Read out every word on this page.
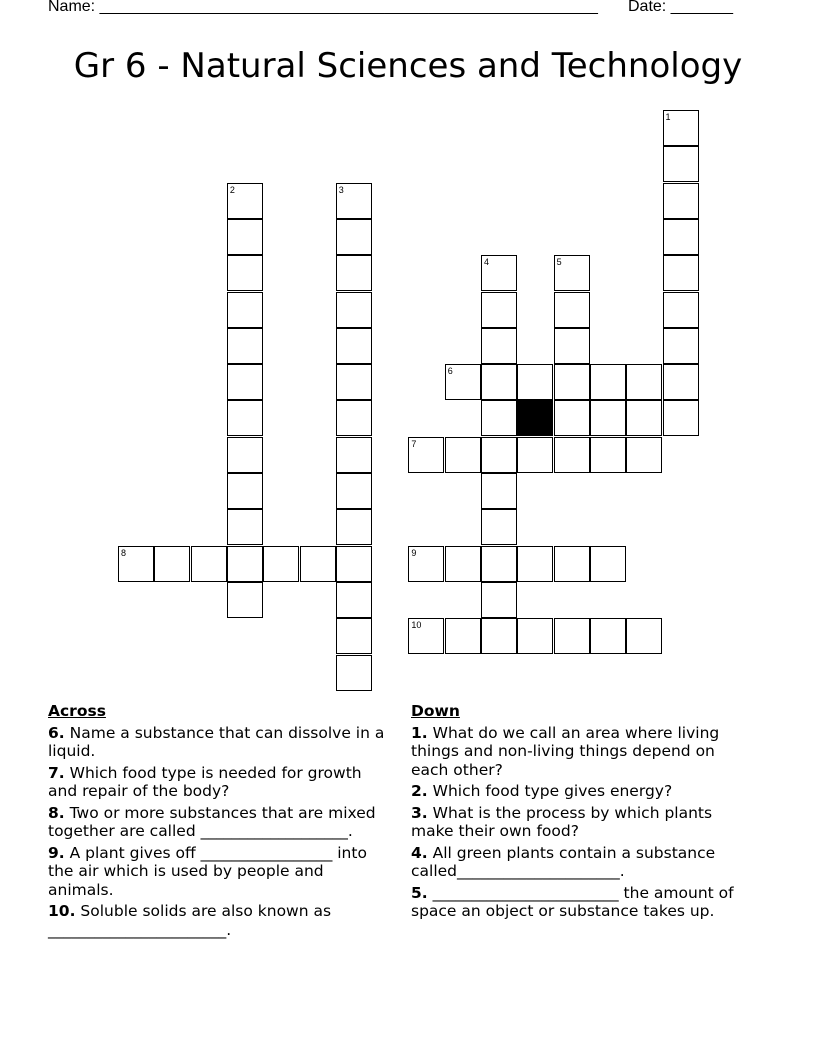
Name: ________________________________________________________ Date: _______
Gr 6 - Natural Sciences and Technology
1
2	3
4	5
6
7
8	9
10
Across
6. Name a substance that can dissolve in a liquid.
7. Which food type is needed for growth and repair of the body?
8. Two or more substances that are mixed together are called ___________________.
9. A plant gives off _________________ into the air which is used by people and animals.
10. Soluble solids are also known as _______________________.
Down
1. What do we call an area where living things and non-living things depend on each other?
2. Which food type gives energy?
3. What is the process by which plants make their own food?
4. All green plants contain a substance called_____________________.
5. ________________________ the amount of space an object or substance takes up.
